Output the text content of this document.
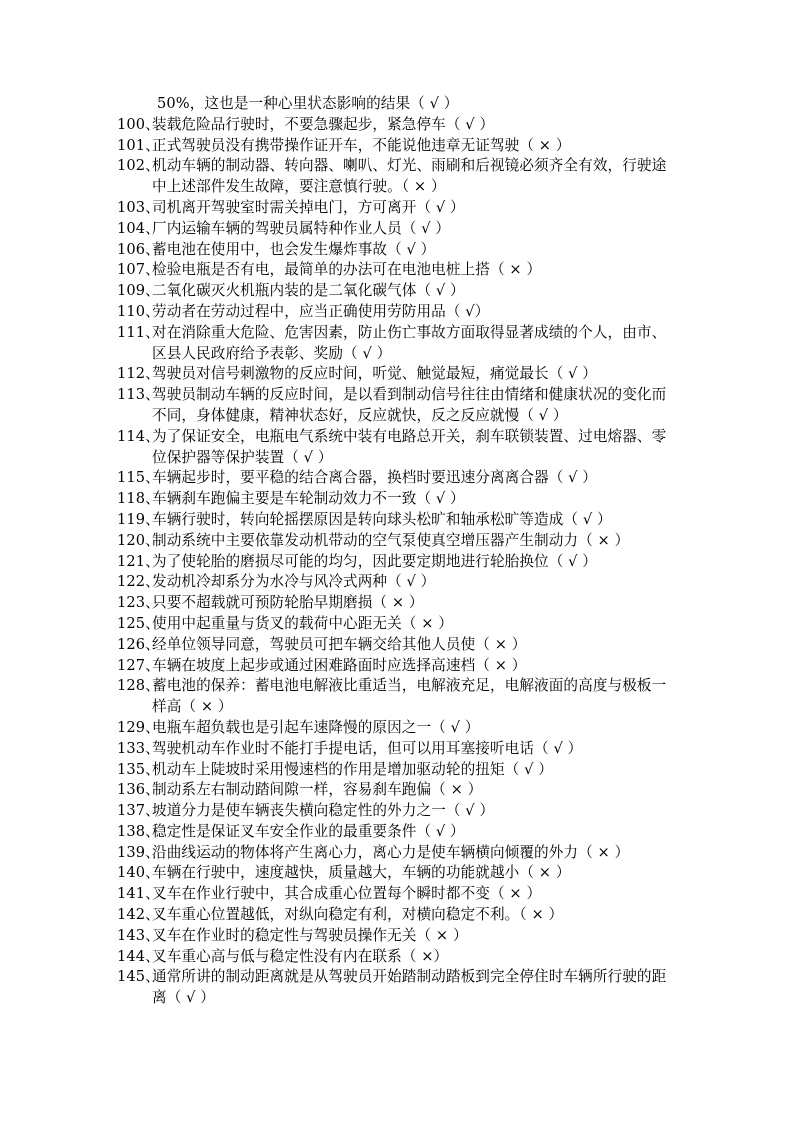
50%，这也是一种心里状态影响的结果（ √ ）
100、
装载危险品行驶时，不要急骤起步，紧急停车（ √ ）
101、
正式驾驶员没有携带操作证开车，不能说他违章无证驾驶（ × ）
102、
机动车辆的制动器、转向器、喇叭、灯光、雨刷和后视镜必须齐全有效，行驶途中上述部件发生故障，要注意慎行驶。（ × ）
103、
司机离开驾驶室时需关掉电门，方可离开（ √ ）
104、
厂内运输车辆的驾驶员属特种作业人员（ √ ）
106、
蓄电池在使用中，也会发生爆炸事故（ √ ）
107、
检验电瓶是否有电，最简单的办法可在电池电桩上搭（ × ）
109、
二氧化碳灭火机瓶内装的是二氧化碳气体（ √ ）
110、
劳动者在劳动过程中，应当正确使用劳防用品（ √）
111、
对在消除重大危险、危害因素，防止伤亡事故方面取得显著成绩的个人，由市、区县人民政府给予表彰、奖励（ √ ）
112、
驾驶员对信号刺激物的反应时间，听觉、触觉最短，痛觉最长（ √ ）
113、
驾驶员制动车辆的反应时间，是以看到制动信号往往由情绪和健康状况的变化而不同，身体健康，精神状态好，反应就快，反之反应就慢（ √ ）
114、
为了保证安全，电瓶电气系统中装有电路总开关，刹车联锁装置、过电熔器、零位保护器等保护装置（ √ ）
115、
车辆起步时，要平稳的结合离合器，换档时要迅速分离离合器（ √ ）
118、
车辆刹车跑偏主要是车轮制动效力不一致（ √ ）
119、
车辆行驶时，转向轮摇摆原因是转向球头松旷和轴承松旷等造成（ √ ）
120、
制动系统中主要依靠发动机带动的空气泵使真空增压器产生制动力（ × ）
121、
为了使轮胎的磨损尽可能的均匀，因此要定期地进行轮胎换位（ √ ）
122、
发动机冷却系分为水冷与风冷式两种（ √ ）
123、
只要不超载就可预防轮胎早期磨损（ × ）
125、
使用中起重量与货叉的载荷中心距无关（ × ）
126、
经单位领导同意，驾驶员可把车辆交给其他人员使（ × ）
127、
车辆在坡度上起步或通过困难路面时应选择高速档（ × ）
128、
蓄电池的保养：蓄电池电解液比重适当，电解液充足，电解液面的高度与极板一样高（ × ）
129、
电瓶车超负载也是引起车速降慢的原因之一（ √ ）
133、
驾驶机动车作业时不能打手提电话，但可以用耳塞接听电话（ √ ）
135、
机动车上陡坡时采用慢速档的作用是增加驱动轮的扭矩（ √ ）
136、
制动系左右制动踏间隙一样，容易刹车跑偏（ × ）
137、
坡道分力是使车辆丧失横向稳定性的外力之一（ √ ）
138、
稳定性是保证叉车安全作业的最重要条件（ √ ）
139、
沿曲线运动的物体将产生离心力，离心力是使车辆横向倾覆的外力（ × ）
140、
车辆在行驶中，速度越快，质量越大，车辆的功能就越小（ × ）
141、
叉车在作业行驶中，其合成重心位置每个瞬时都不变（ × ）
142、
叉车重心位置越低，对纵向稳定有利，对横向稳定不利。（ × ）
143、
叉车在作业时的稳定性与驾驶员操作无关（ × ）
144、
叉车重心高与低与稳定性没有内在联系（ ×）
145、
通常所讲的制动距离就是从驾驶员开始踏制动踏板到完全停住时车辆所行驶的距离（ √ ）
